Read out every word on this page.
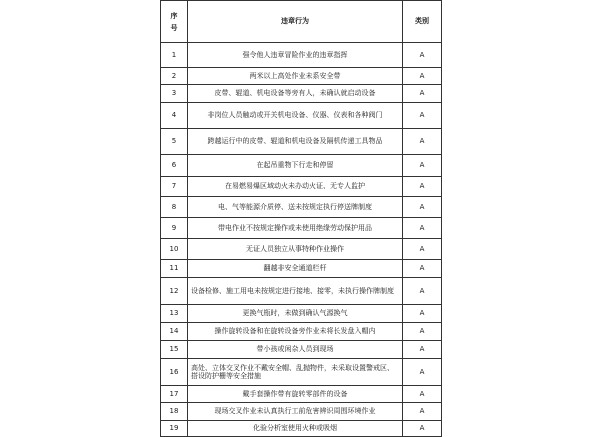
序
号	违章行为	类别
1	强令他人违章冒险作业的违章指挥	A
2	两米以上高处作业未系安全带	A
3	皮带、辊道、机电设备等旁有人，未确认就启动设备	A
4	非岗位人员触动或开关机电设备、仪器、仪表和各种阀门	A
5	跨越运行中的皮带、辊道和机电设备及隔机传递工具物品	A
6	在起吊重物下行走和停留	A
7	在易燃易爆区域动火未办动火证、无专人监护	A
8	电、气等能源介质停、送未按规定执行停送牌制度	A
9	带电作业不按规定操作或未使用绝缘劳动保护用品	A
10	无证人员独立从事特种作业操作	A
11	翻越非安全通道栏杆	A
12	设备检修、施工用电未按规定进行接地、接零，未执行操作牌制度	A
13	更换气瓶时，未做到确认气源换气	A
14	操作旋转设备和在旋转设备旁作业未将长发盘入帽内	A
15	带小孩或闲杂人员到现场	A
16	高处、立体交叉作业不戴安全帽、乱抛物件，未采取设置警戒区、搭设防护栅等安全措施	A
17	戴手套操作带有旋转零部件的设备	A
18	现场交叉作业未认真执行工前危害辨识周围环境作业	A
19	化验分析室使用火种或吸烟	A
